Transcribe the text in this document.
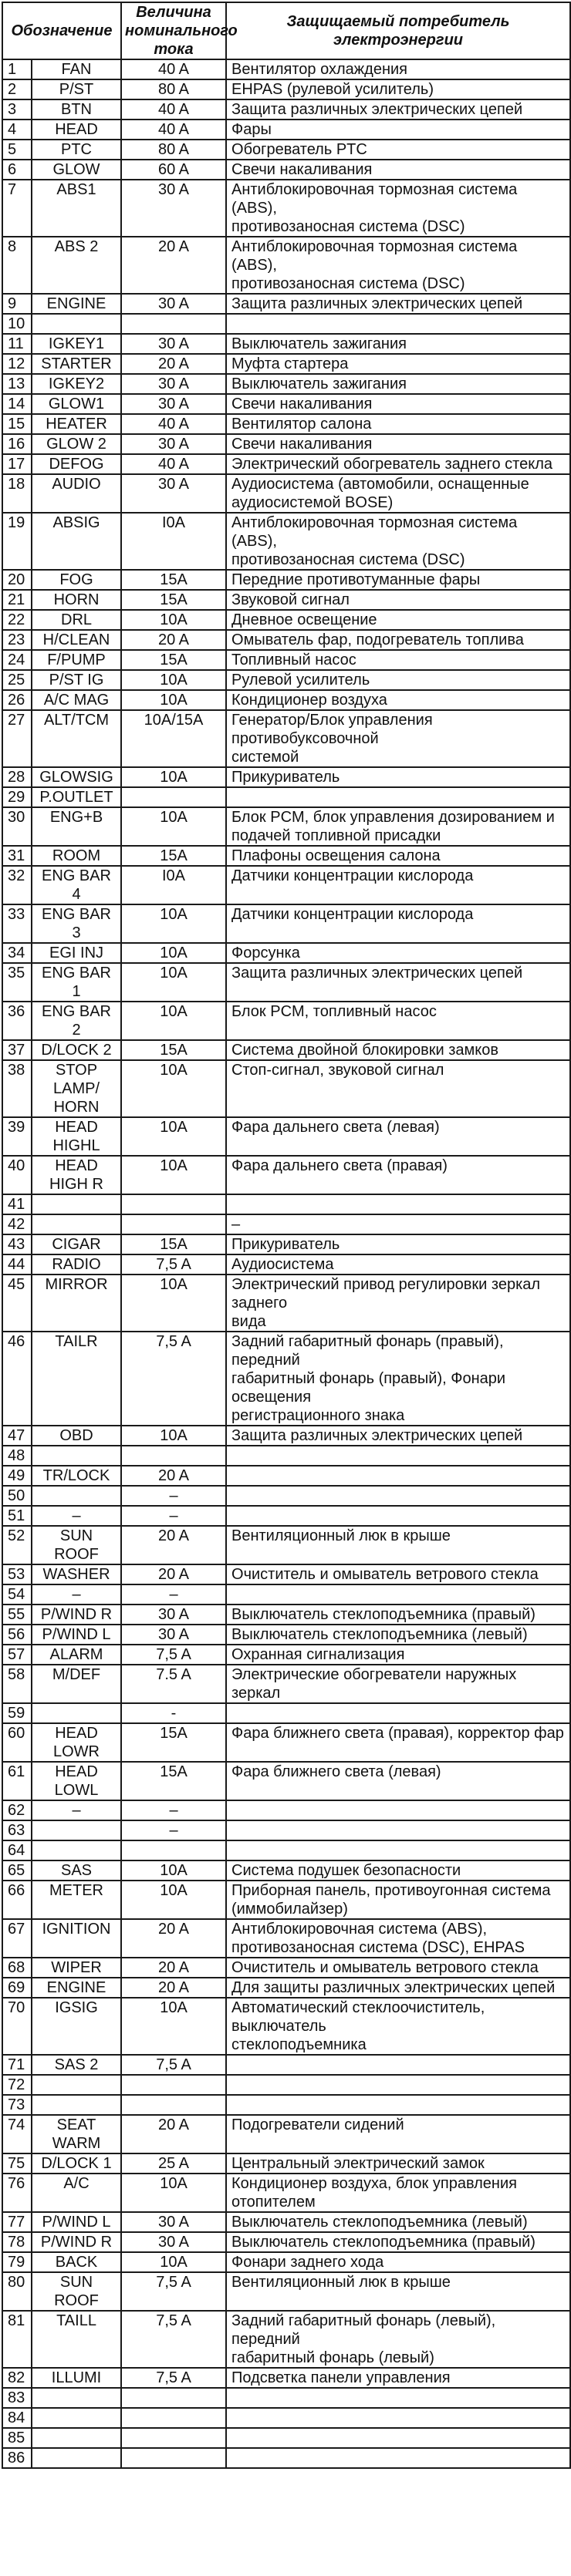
Обозначение		Величина номинального тока	Защищаемый потребитель электроэнергии
1	FAN	40 A	Вентилятор охлаждения
2	P/ST	80 A	EHPAS (рулевой усилитель)
3	BTN	40 A	Защита различных электрических цепей
4	HEAD	40 A	Фары
5	PTC	80 A	Обогреватель PTC
6	GLOW	60 A	Свечи накаливания
7	ABS1	30 A	Антиблокировочная тормозная система (ABS),
противозаносная система (DSC)
8	ABS 2	20 A	Антиблокировочная тормозная система (ABS),
противозаносная система (DSC)
9	ENGINE	30 A	Защита различных электрических цепей
10			
11	IGKEY1	30 A	Выключатель зажигания
12	STARTER	20 A	Муфта стартера
13	IGKEY2	30 A	Выключатель зажигания
14	GLOW1	30 A	Свечи накаливания
15	HEATER	40 A	Вентилятор салона
16	GLOW 2	30 A	Свечи накаливания
17	DEFOG	40 A	Электрический обогреватель заднего стекла
18	AUDIO	30 A	Аудиосистема (автомобили, оснащенные
аудиосистемой BOSE)
19	ABSIG	I0A	Антиблокировочная тормозная система (ABS),
противозаносная система (DSC)
20	FOG	15A	Передние противотуманные фары
21	HORN	15A	Звуковой сигнал
22	DRL	10A	Дневное освещение
23	H/CLEAN	20 A	Омыватель фар, подогреватель топлива
24	F/PUMP	15A	Топливный насос
25	P/ST IG	10A	Рулевой усилитель
26	A/C MAG	10A	Кондиционер воздуха
27	ALT/TCM	10A/15A	Генератор/Блок управления противобуксовочной
системой
28	GLOWSIG	10A	Прикуриватель
29	P.OUTLET		
30	ENG+B	10A	Блок PCM, блок управления дозированием и
подачей топливной присадки
31	ROOM	15A	Плафоны освещения салона
32	ENG BAR 4	I0A	Датчики концентрации кислорода
33	ENG BAR 3	10A	Датчики концентрации кислорода
34	EGI INJ	10A	Форсунка
35	ENG BAR 1	10A	Защита различных электрических цепей
36	ENG BAR 2	10A	Блок PCM, топливный насос
37	D/LOCK 2	15A	Система двойной блокировки замков
38	STOP
LAMP/
HORN	10A	Стоп-сигнал, звуковой сигнал
39	HEAD
HIGHL	10A	Фара дальнего света (левая)
40	HEAD
HIGH R	10A	Фара дальнего света (правая)
41			
42			–
43	CIGAR	15A	Прикуриватель
44	RADIO	7,5 A	Аудиосистема
45	MIRROR	10A	Электрический привод регулировки зеркал заднего
вида
46	TAILR	7,5 A	Задний габаритный фонарь (правый), передний
габаритный фонарь (правый), Фонари освещения
регистрационного знака
47	OBD	10A	Защита различных электрических цепей
48			
49	TR/LOCK	20 A	
50		–	
51	–	–	
52	SUN ROOF	20 A	Вентиляционный люк в крыше
53	WASHER	20 A	Очиститель и омыватель ветрового стекла
54	–	–	
55	P/WIND R	30 A	Выключатель стеклоподъемника (правый)
56	P/WIND L	30 A	Выключатель стеклоподъемника (левый)
57	ALARM	7,5 A	Охранная сигнализация
58	M/DEF	7.5 A	Электрические обогреватели наружных зеркал
59		-	
60	HEAD
LOWR	15A	Фара ближнего света (правая), корректор фар
61	HEAD LOWL	15A	Фара ближнего света (левая)
62	–	–	
63		–	
64			
65	SAS	10A	Система подушек безопасности
66	METER	10A	Приборная панель, противоугонная система
(иммобилайзер)
67	IGNITION	20 A	Антиблокировочная система (ABS),
противозаносная система (DSC), EHPAS
68	WIPER	20 A	Очиститель и омыватель ветрового стекла
69	ENGINE	20 A	Для защиты различных электрических цепей
70	IGSIG	10A	Автоматический стеклоочиститель, выключатель
стеклоподъемника
71	SAS 2	7,5 A	
72			
73			
74	SEAT
WARM	20 A	Подогреватели сидений
75	D/LOCK 1	25 A	Центральный электрический замок
76	A/C	10A	Кондиционер воздуха, блок управления
отопителем
77	P/WIND L	30 A	Выключатель стеклоподъемника (левый)
78	P/WIND R	30 A	Выключатель стеклоподъемника (правый)
79	BACK	10A	Фонари заднего хода
80	SUN ROOF	7,5 A	Вентиляционный люк в крыше
81	TAILL	7,5 A	Задний габаритный фонарь (левый), передний
габаритный фонарь (левый)
82	ILLUMI	7,5 A	Подсветка панели управления
83			
84			
85			
86			
